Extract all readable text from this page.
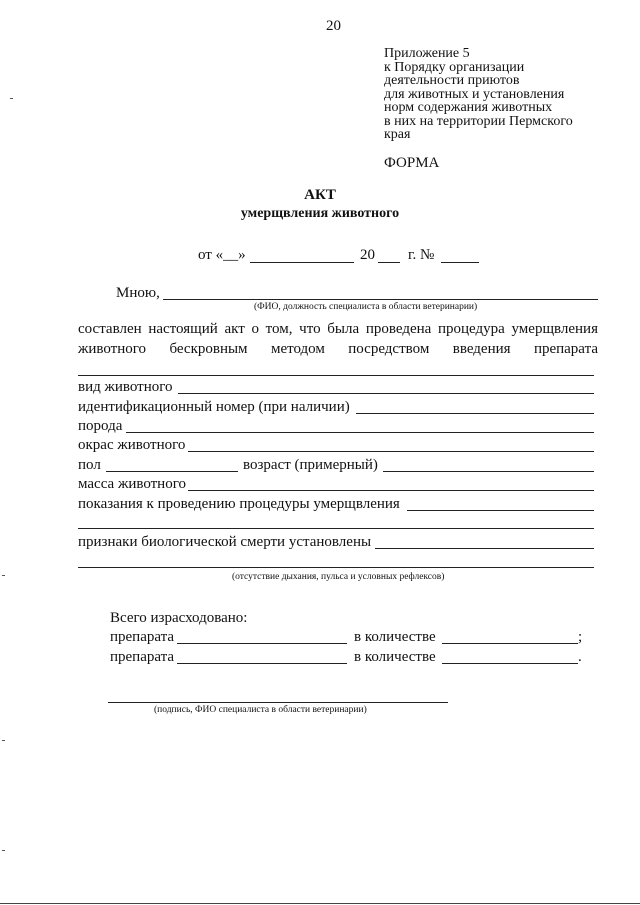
20
Приложение 5
к Порядку организации
деятельности приютов
для животных и установления
норм содержания животных
в них на территории Пермского
края
ФОРМА
АКТ
умерщвления животного
от «__»	20 г. №
Мною,
(ФИО, должность специалиста в области ветеринарии)
составлен настоящий акт о том, что была проведена процедура умерщвления
животного бескровным методом посредством введения препарата
вид животного
идентификационный номер (при наличии)
порода
окрас животного
пол	возраст (примерный)
масса животного
показания к проведению процедуры умерщвления
признаки биологической смерти установлены
(отсутствие дыхания, пульса и условных рефлексов)
Всего израсходовано:
препарата	в количестве	;
препарата	в количестве	.
(подпись, ФИО специалиста в области ветеринарии)
